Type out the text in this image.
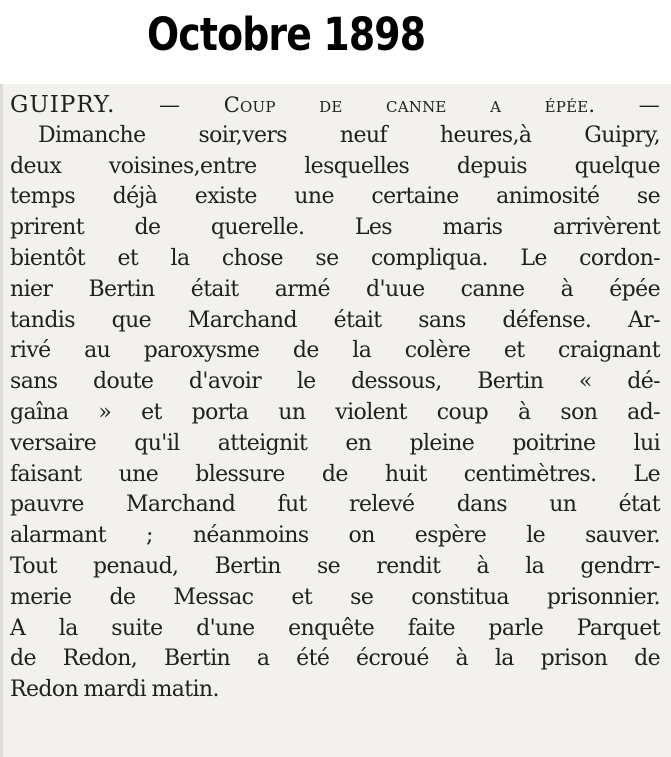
Octobre 1898
GUIPRY. — Coup de canne a épée. —
Dimanche soir,vers neuf heures,à Guipry,
deux voisines,entre lesquelles depuis quelque
temps déjà existe une certaine animosité se
prirent de querelle. Les maris arrivèrent
bientôt et la chose se compliqua. Le cordon-
nier Bertin était armé d'uue canne à épée
tandis que Marchand était sans défense. Ar-
rivé au paroxysme de la colère et craignant
sans doute d'avoir le dessous, Bertin « dé-
gaîna » et porta un violent coup à son ad-
versaire qu'il atteignit en pleine poitrine lui
faisant une blessure de huit centimètres. Le
pauvre Marchand fut relevé dans un état
alarmant ; néanmoins on espère le sauver.
Tout penaud, Bertin se rendit à la gendrr-
merie de Messac et se constitua prisonnier.
A la suite d'une enquête faite parle Parquet
de Redon, Bertin a été écroué à la prison de
Redon mardi matin.
